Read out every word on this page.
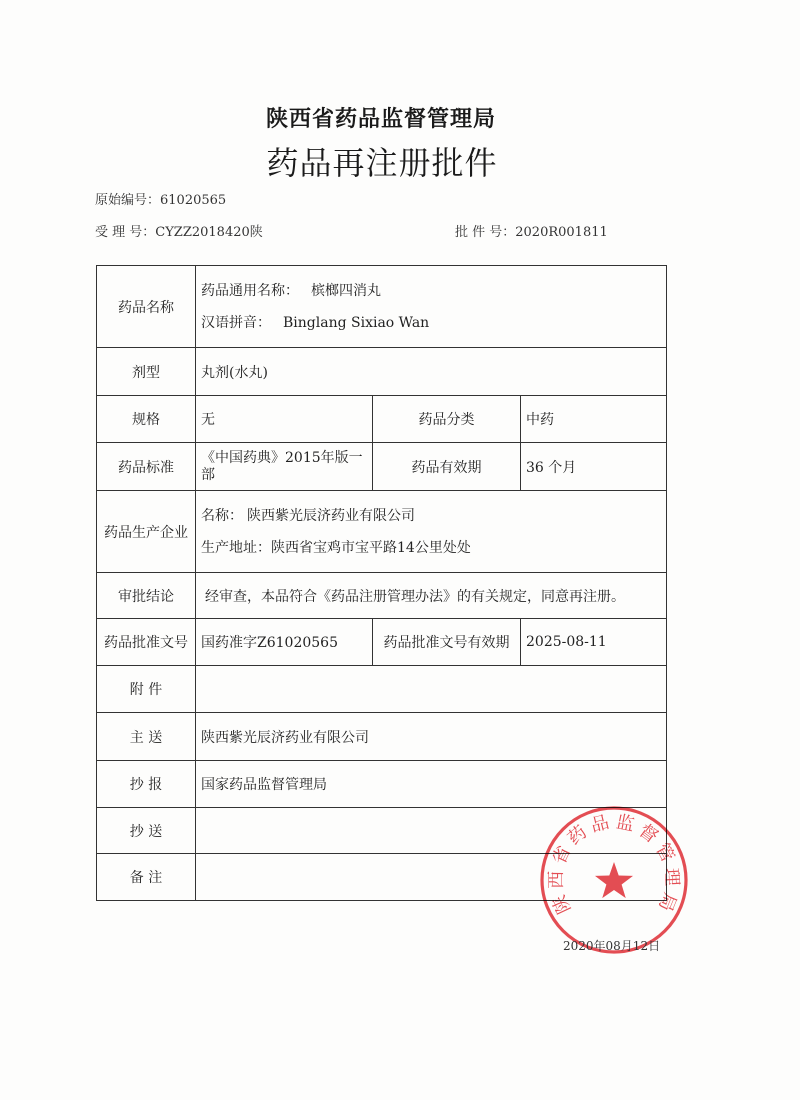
陕西省药品监督管理局
药品再注册批件
原始编号：61020565
受 理 号：CYZZ2018420陕	批 件 号：2020R001811
药品名称	药品通用名称： 槟榔四消丸
汉语拼音： Binglang Sixiao Wan		

剂型	丸剂(水丸)		
规格	无	药品分类	中药
药品标准	《中国药典》2015年版一部	药品有效期	36 个月
药品生产企业	名称： 陕西紫光辰济药业有限公司
生产地址：陕西省宝鸡市宝平路14公里处处		

审批结论	经审查，本品符合《药品注册管理办法》的有关规定，同意再注册。		
药品批准文号	国药准字Z61020565	药品批准文号有效期	2025-08-11
附 件			
主 送	陕西紫光辰济药业有限公司		
抄 报	国家药品监督管理局		
抄 送			
备 注			
陕西省药品监督管理局
2020年08月12日
